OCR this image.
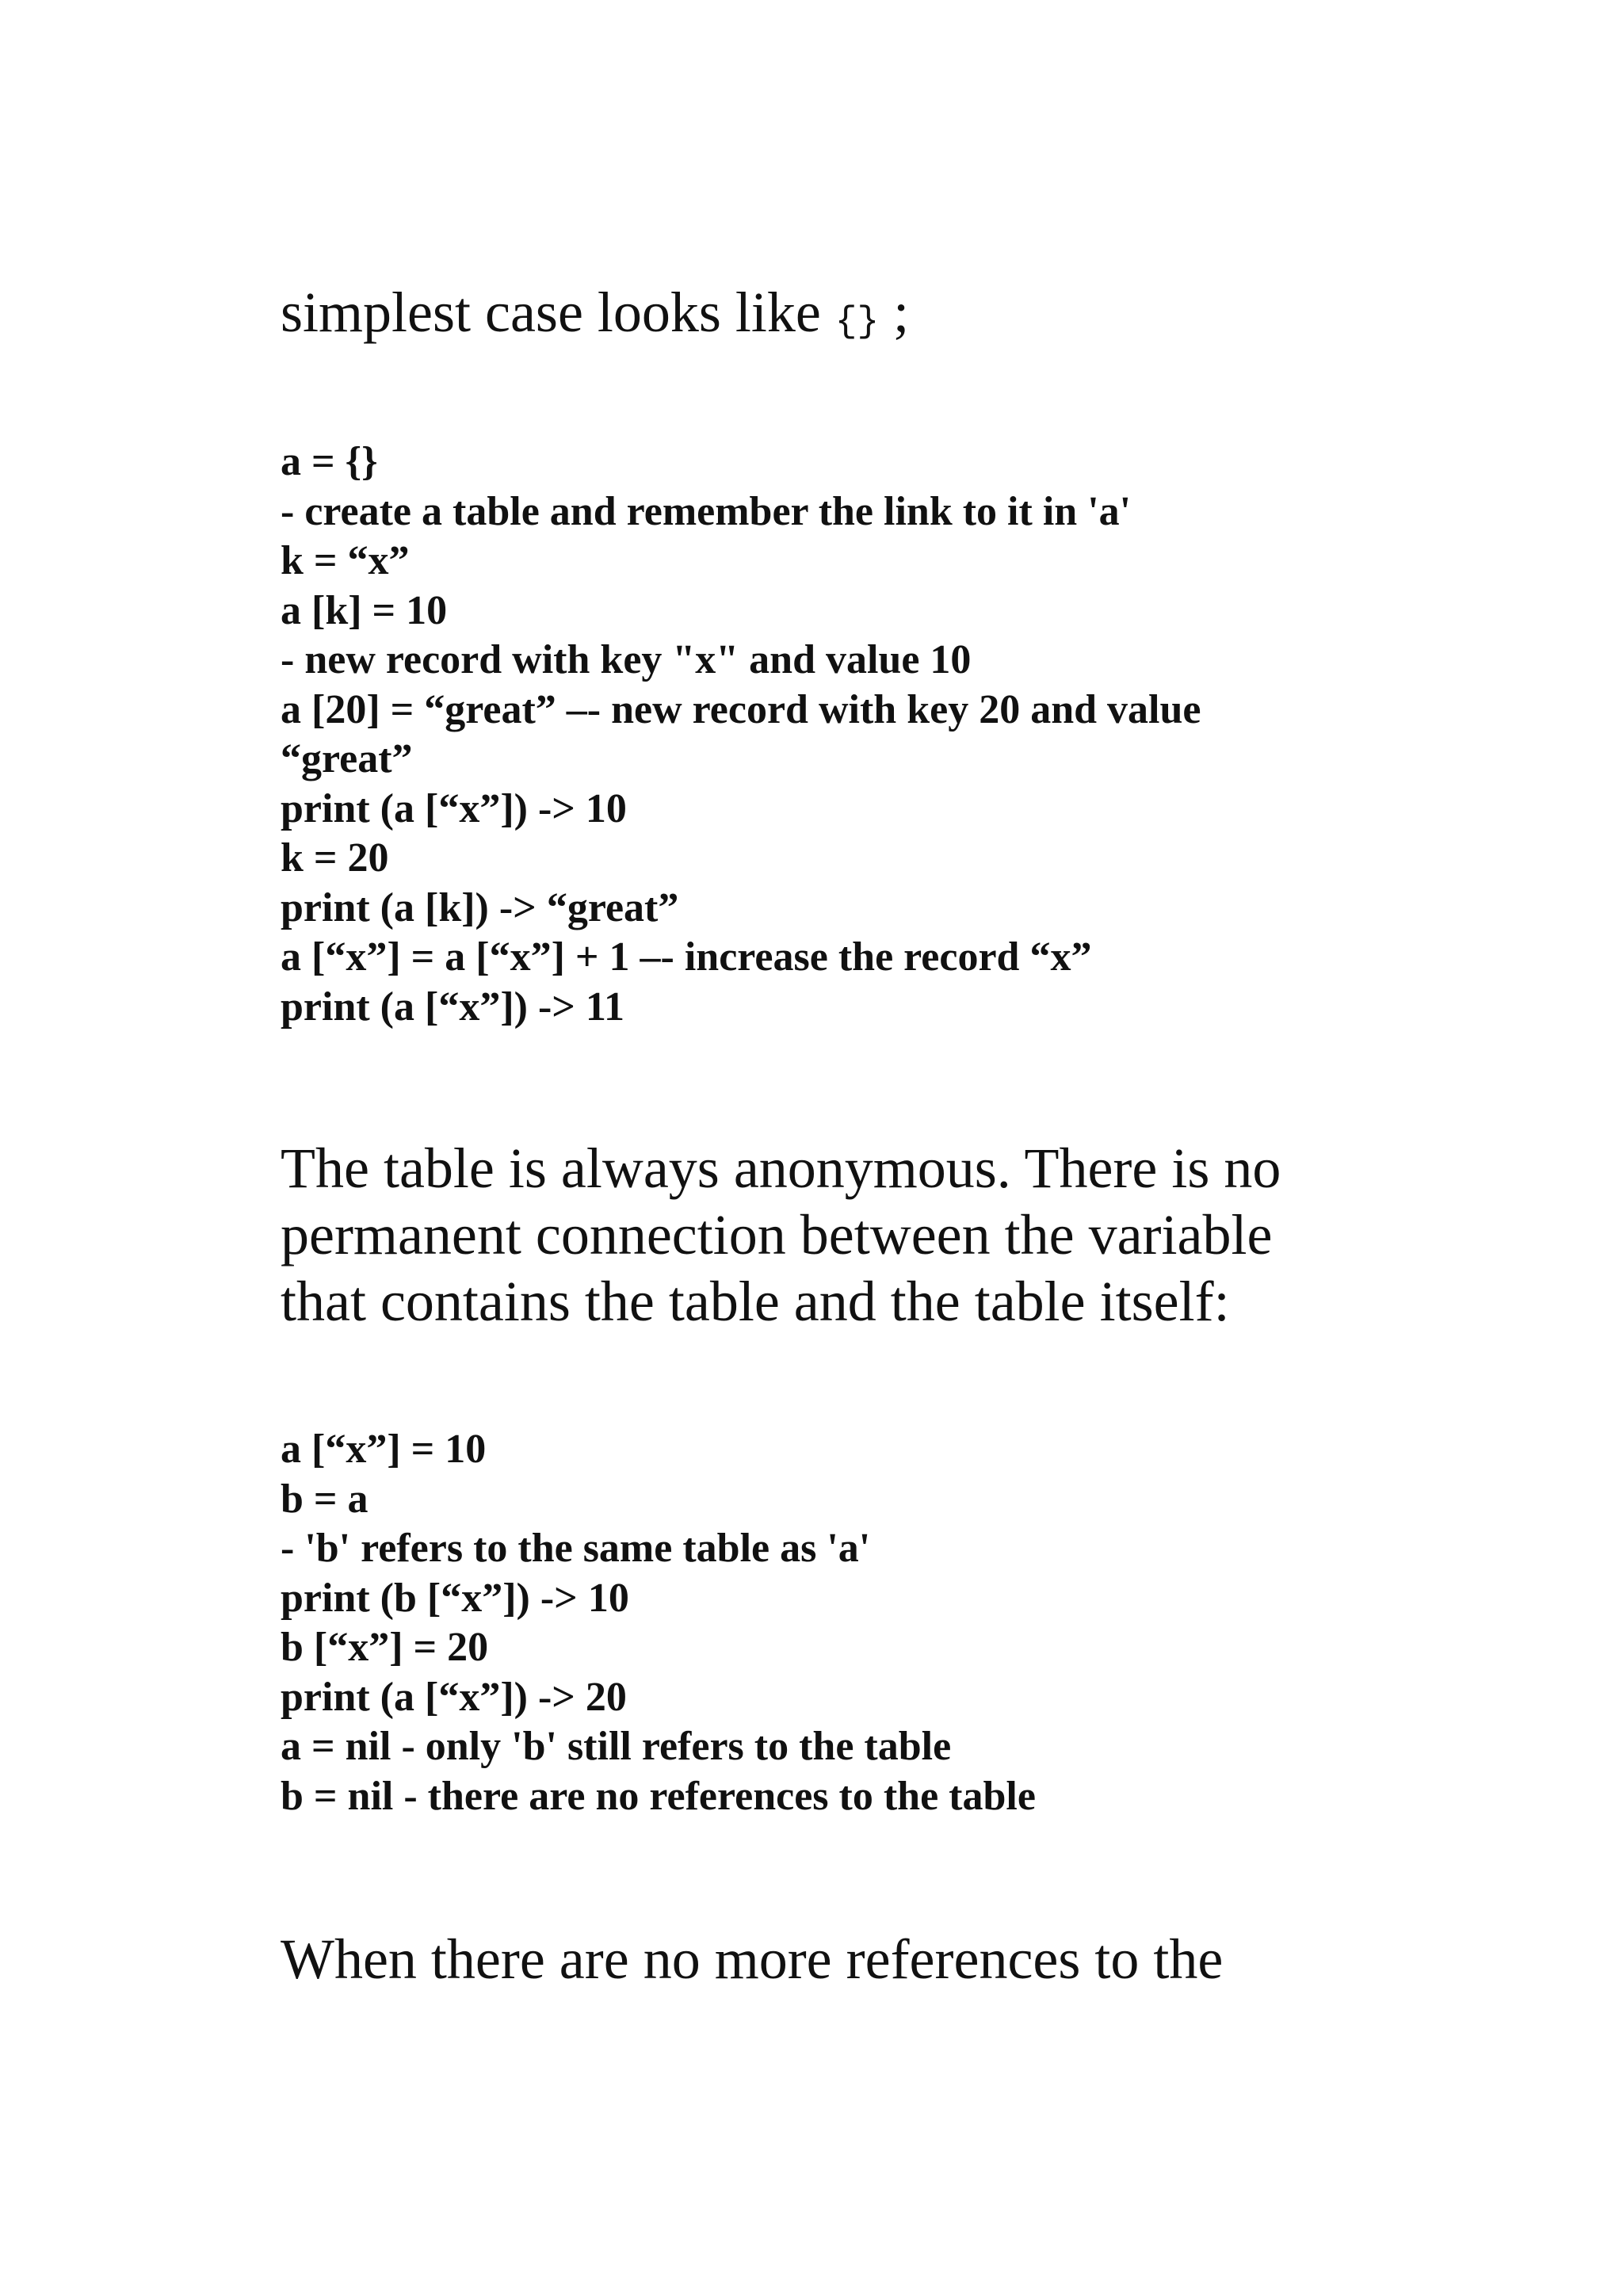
simplest case looks like {} ;

a = {}
- create a table and remember the link to it in 'a'
k = “x”
a [k] = 10
- new record with key "x" and value 10
a [20] = “great” –- new record with key 20 and value
“great”
print (a [“x”]) -> 10
k = 20
print (a [k]) -> “great”
a [“x”] = a [“x”] + 1 –- increase the record “x”
print (a [“x”]) -> 11
The table is always anonymous. There is no
permanent connection between the variable
that contains the table and the table itself:
a [“x”] = 10
b = a
- 'b' refers to the same table as 'a'
print (b [“x”]) -> 10
b [“x”] = 20
print (a [“x”]) -> 20
a = nil - only 'b' still refers to the table
b = nil - there are no references to the table
When there are no more references to the
